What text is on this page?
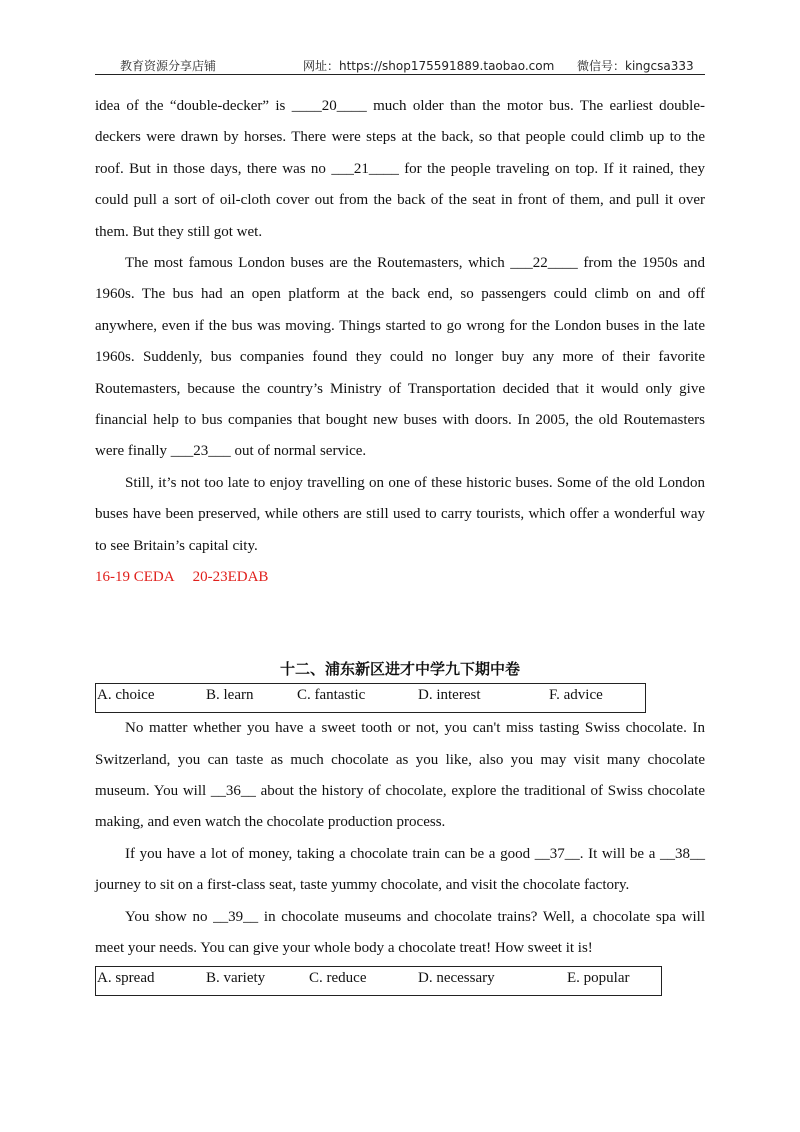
教育资源分享店铺	网址：https://shop175591889.taobao.com 微信号：kingcsa333

idea of the “double-decker” is ____20____ much older than the motor bus. The earliest double-deckers were drawn by horses. There were steps at the back, so that people could climb up to the roof. But in those days, there was no ___21____ for the people traveling on top. If it rained, they could pull a sort of oil-cloth cover out from the back of the seat in front of them, and pull it over them. But they still got wet.

The most famous London buses are the Routemasters, which ___22____ from the 1950s and 1960s. The bus had an open platform at the back end, so passengers could climb on and off anywhere, even if the bus was moving. Things started to go wrong for the London buses in the late 1960s. Suddenly, bus companies found they could no longer buy any more of their favorite Routemasters, because the country’s Ministry of Transportation decided that it would only give financial help to bus companies that bought new buses with doors. In 2005, the old Routemasters were finally ___23___ out of normal service.

Still, it’s not too late to enjoy travelling on one of these historic buses. Some of the old London buses have been preserved, while others are still used to carry tourists, which offer a wonderful way to see Britain’s capital city.

16-19 CEDA 20-23EDAB

十二、浦东新区进才中学九下期中卷

A. choice	B. learn	C. fantastic	D. interest	F. advice

No matter whether you have a sweet tooth or not, you can't miss tasting Swiss chocolate. In Switzerland, you can taste as much chocolate as you like, also you may visit many chocolate museum. You will __36__ about the history of chocolate, explore the traditional of Swiss chocolate making, and even watch the chocolate production process.

If you have a lot of money, taking a chocolate train can be a good __37__. It will be a __38__ journey to sit on a first-class seat, taste yummy chocolate, and visit the chocolate factory.

You show no __39__ in chocolate museums and chocolate trains? Well, a chocolate spa will meet your needs. You can give your whole body a chocolate treat! How sweet it is!

A. spread	B. variety	C. reduce	D. necessary	E. popular
